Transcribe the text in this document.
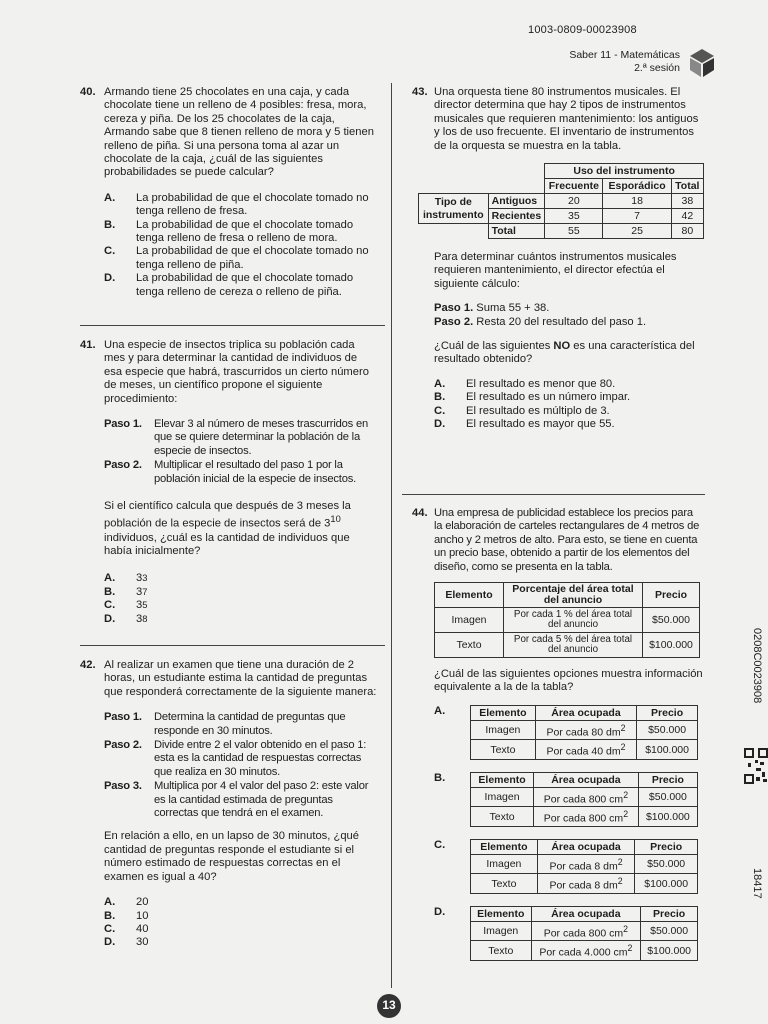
1003-0809-00023908
Saber 11 - Matemáticas
2.ª sesión
0208C0023908
18417
40. Armando tiene 25 chocolates en una caja, y cada chocolate tiene un relleno de 4 posibles: fresa, mora, cereza y piña. De los 25 chocolates de la caja, Armando sabe que 8 tienen relleno de mora y 5 tienen relleno de piña. Si una persona toma al azar un chocolate de la caja, ¿cuál de las siguientes probabilidades se puede calcular?

A.	La probabilidad de que el chocolate tomado no tenga relleno de fresa.
B.	La probabilidad de que el chocolate tomado tenga relleno de fresa o relleno de mora.
C.	La probabilidad de que el chocolate tomado no tenga relleno de piña.
D.	La probabilidad de que el chocolate tomado tenga relleno de cereza o relleno de piña.
41. Una especie de insectos triplica su población cada mes y para determinar la cantidad de individuos de esa especie que habrá, trascurridos un cierto número de meses, un científico propone el siguiente procedimiento:

Paso 1.	Elevar 3 al número de meses trascurridos en que se quiere determinar la población de la especie de insectos.
Paso 2.	Multiplicar el resultado del paso 1 por la población inicial de la especie de insectos.

Si el científico calcula que después de 3 meses la población de la especie de insectos será de $3^{10}$ individuos, ¿cuál es la cantidad de individuos que había inicialmente?

A.	3 3
B.	3 7
C.	3 5
D.	3 8
42. Al realizar un examen que tiene una duración de 2 horas, un estudiante estima la cantidad de preguntas que responderá correctamente de la siguiente manera:

Paso 1.	Determina la cantidad de preguntas que responde en 30 minutos.
Paso 2.	Divide entre 2 el valor obtenido en el paso 1: esta es la cantidad de respuestas correctas que realiza en 30 minutos.
Paso 3.	Multiplica por 4 el valor del paso 2: este valor es la cantidad estimada de preguntas correctas que tendrá en el examen.

En relación a ello, en un lapso de 30 minutos, ¿qué cantidad de preguntas responde el estudiante si el número estimado de respuestas correctas en el examen es igual a 40?

A.	20
B.	10
C.	40
D.	30
43. Una orquesta tiene 80 instrumentos musicales. El director determina que hay 2 tipos de instrumentos musicales que requieren mantenimiento: los antiguos y los de uso frecuente. El inventario de instrumentos de la orquesta se muestra en la tabla.

		Uso del instrumento		
		Frecuente	Esporádico	Total
Tipo de instrumento	Antiguos	20	18	38
	Recientes	35	7	42
	Total	55	25	80

Para determinar cuántos instrumentos musicales requieren mantenimiento, el director efectúa el siguiente cálculo:

Paso 1. Suma 55 + 38.
Paso 2. Resta 20 del resultado del paso 1.

¿Cuál de las siguientes NO es una característica del resultado obtenido?

A.	El resultado es menor que 80.
B.	El resultado es un número impar.
C.	El resultado es múltiplo de 3.
D.	El resultado es mayor que 55.
44. Una empresa de publicidad establece los precios para la elaboración de carteles rectangulares de 4 metros de ancho y 2 metros de alto. Para esto, se tiene en cuenta un precio base, obtenido a partir de los elementos del diseño, como se presenta en la tabla.

Elemento	Porcentaje del área total del anuncio	Precio
Imagen	Por cada 1 % del área total del anuncio	$50.000
Texto	Por cada 5 % del área total del anuncio	$100.000

¿Cuál de las siguientes opciones muestra información equivalente a la de la tabla?

A.	Elemento	Área ocupada	Precio
Imagen	Por cada 80 $dm^2$	$50.000
Texto	Por cada 40 $dm^2$	$100.000
B.	Elemento	Área ocupada	Precio
Imagen	Por cada 800 $cm^2$	$50.000
Texto	Por cada 800 $cm^2$	$100.000
C.	Elemento	Área ocupada	Precio
Imagen	Por cada 8 $dm^2$	$50.000
Texto	Por cada 8 $dm^2$	$100.000
D.	Elemento	Área ocupada	Precio
Imagen	Por cada 800 $cm^2$	$50.000
Texto	Por cada 4.000 $cm^2$	$100.000
13
